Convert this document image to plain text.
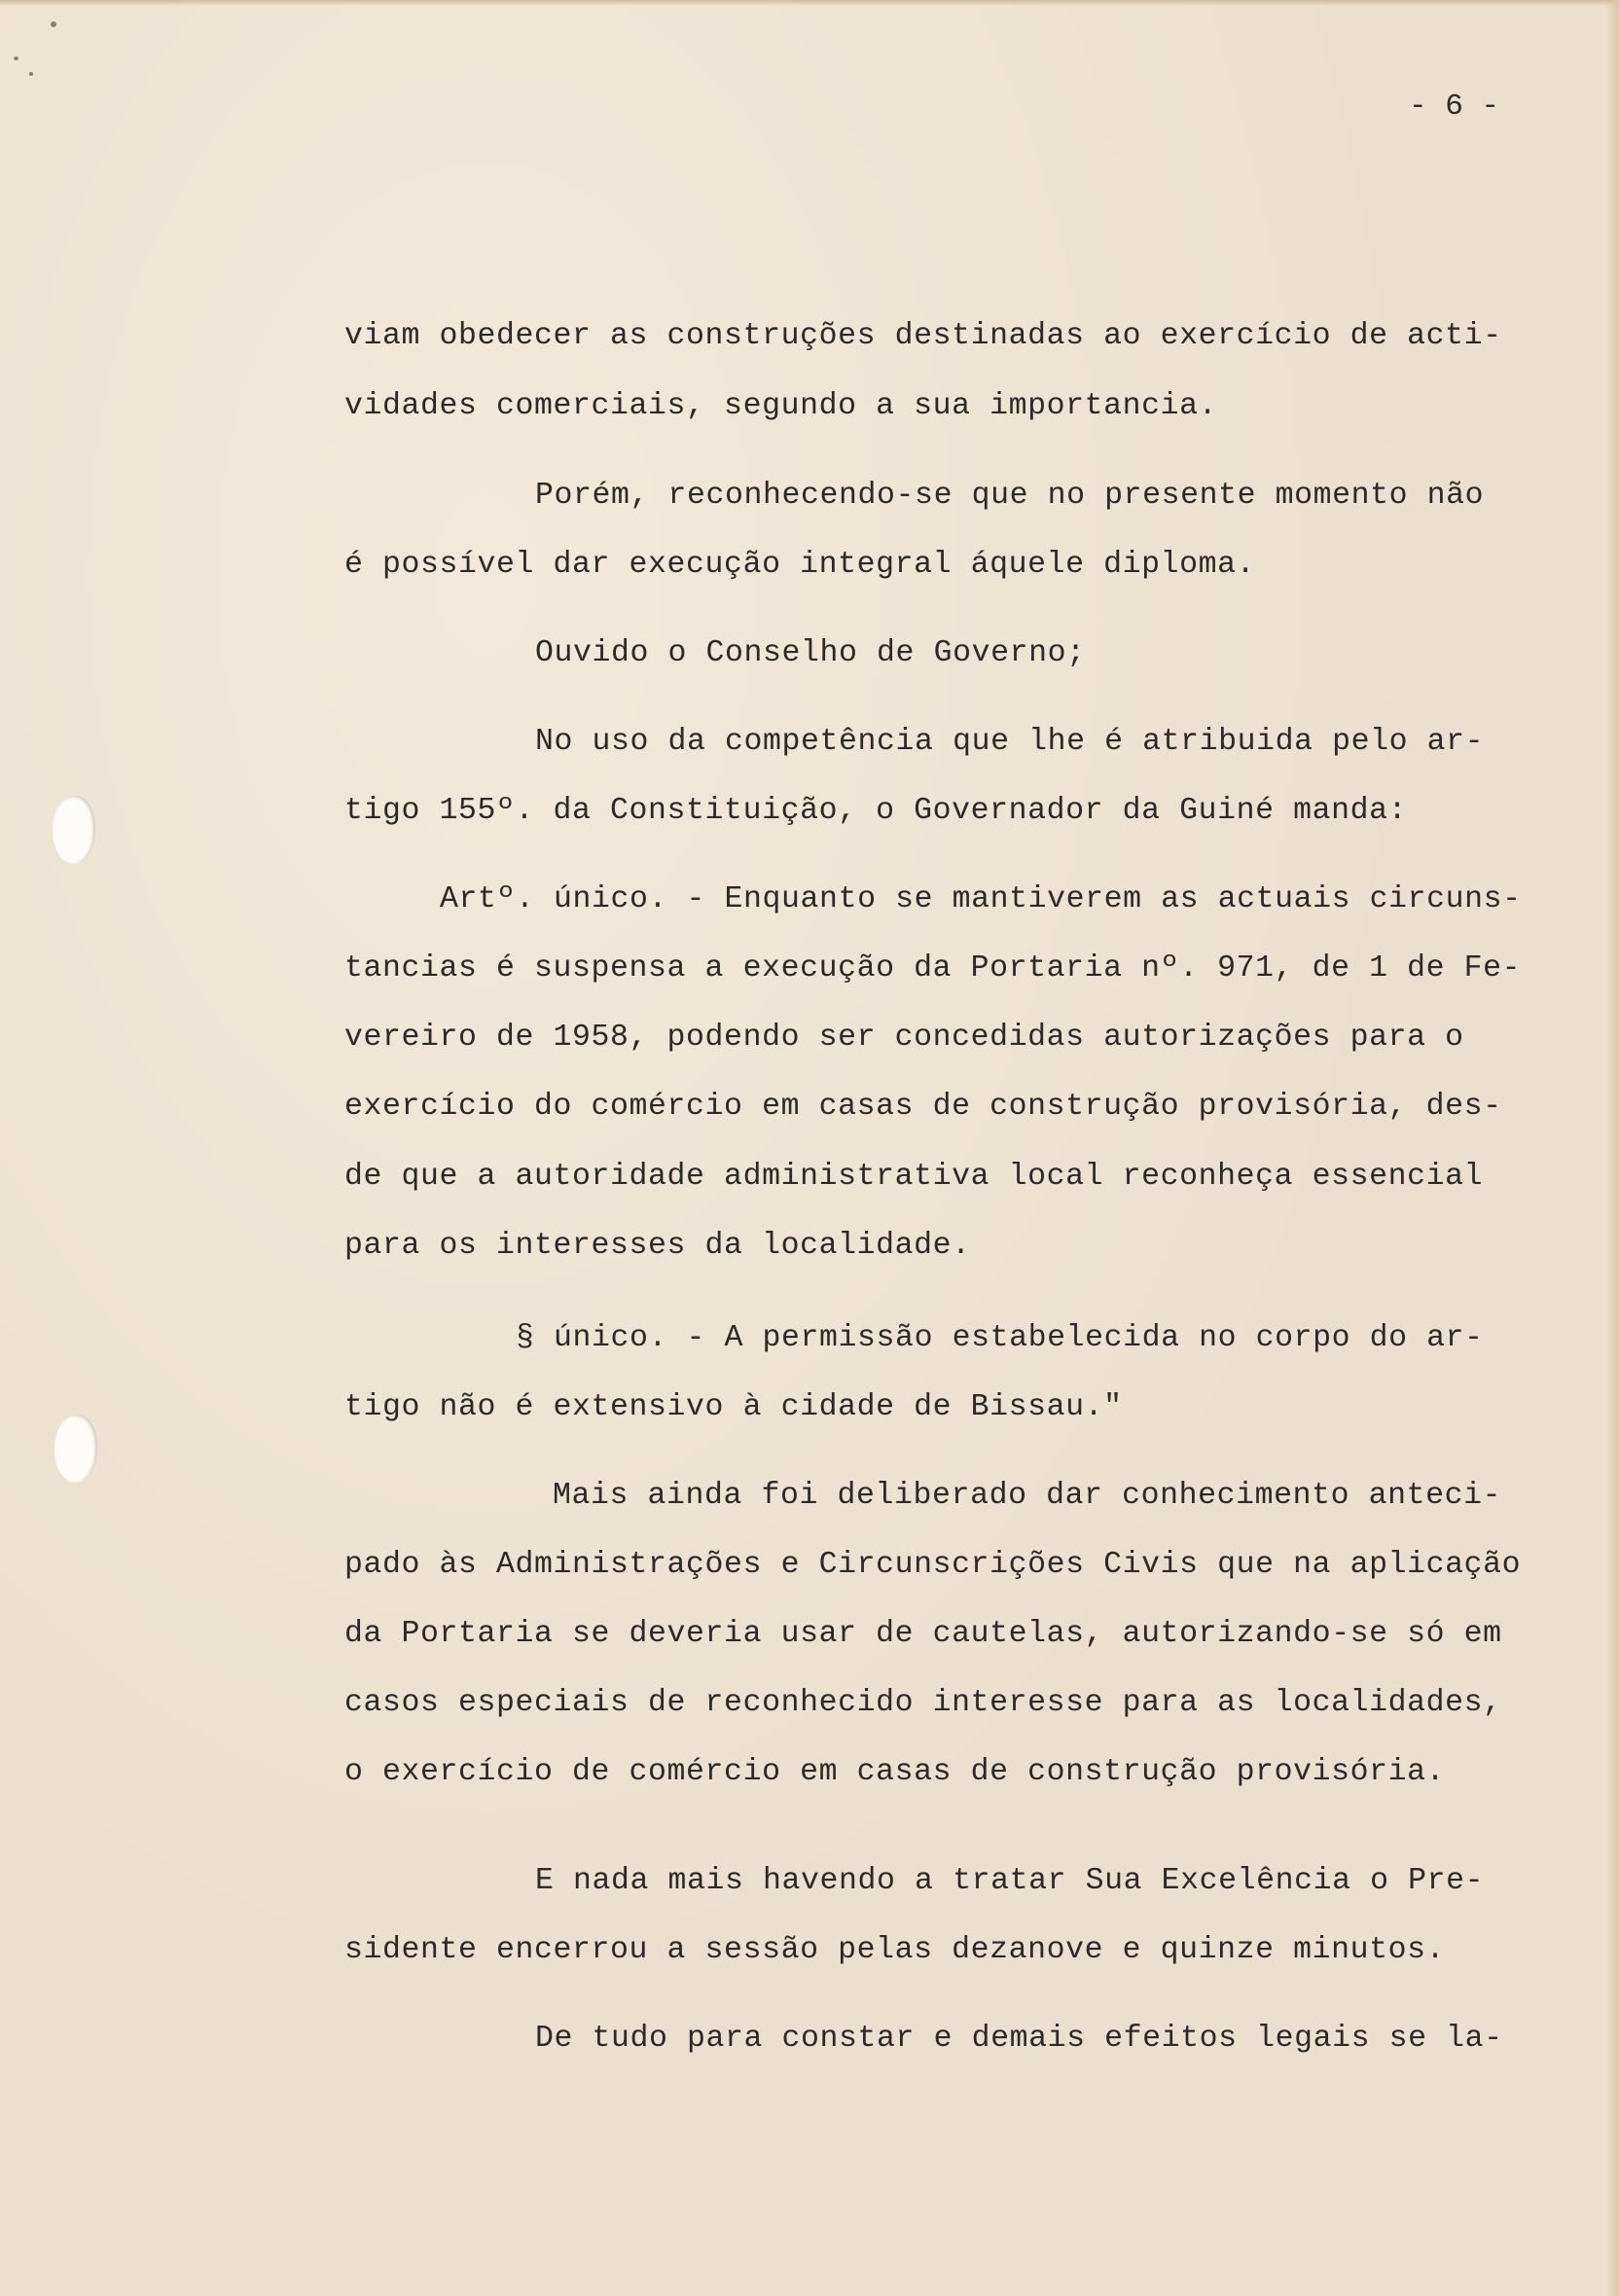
- 6 -
viam obedecer as construções destinadas ao exercício de acti-
vidades comerciais, segundo a sua importancia.
Porém, reconhecendo-se que no presente momento não
é possível dar execução integral áquele diploma.
Ouvido o Conselho de Governo;
No uso da competência que lhe é atribuida pelo ar-
tigo 155º. da Constituição, o Governador da Guiné manda:
Artº. único. - Enquanto se mantiverem as actuais circuns-
tancias é suspensa a execução da Portaria nº. 971, de 1 de Fe-
vereiro de 1958, podendo ser concedidas autorizações para o
exercício do comércio em casas de construção provisória, des-
de que a autoridade administrativa local reconheça essencial
para os interesses da localidade.
§ único. - A permissão estabelecida no corpo do ar-
tigo não é extensivo à cidade de Bissau."
Mais ainda foi deliberado dar conhecimento anteci-
pado às Administrações e Circunscrições Civis que na aplicação
da Portaria se deveria usar de cautelas, autorizando-se só em
casos especiais de reconhecido interesse para as localidades,
o exercício de comércio em casas de construção provisória.
E nada mais havendo a tratar Sua Excelência o Pre-
sidente encerrou a sessão pelas dezanove e quinze minutos.
De tudo para constar e demais efeitos legais se la-
